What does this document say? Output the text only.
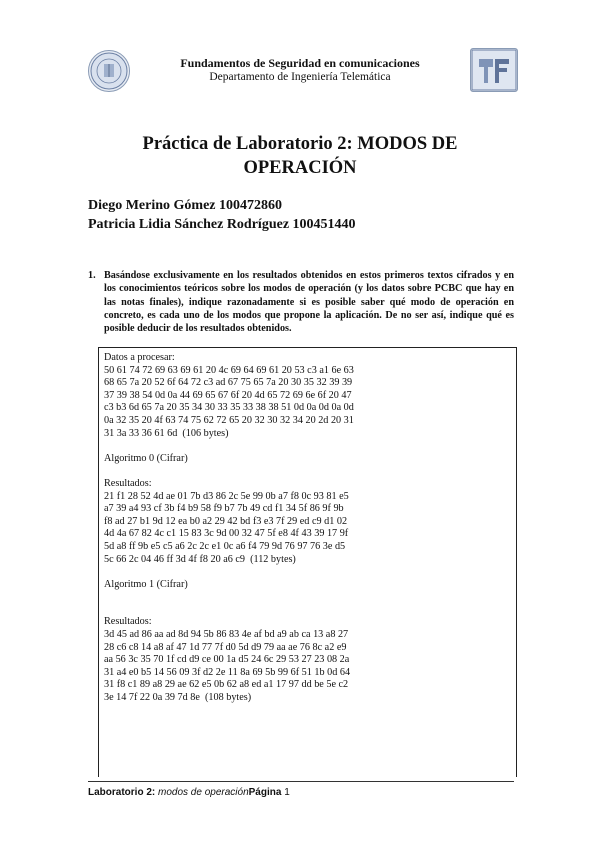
Fundamentos de Seguridad en comunicaciones
Departamento de Ingeniería Telemática
Práctica de Laboratorio 2: MODOS DE
OPERACIÓN
Diego Merino Gómez 100472860
Patricia Lidia Sánchez Rodríguez 100451440
1. Basándose exclusivamente en los resultados obtenidos en estos primeros textos cifrados y en los conocimientos teóricos sobre los modos de operación (y los datos sobre PCBC que hay en las notas finales), indique razonadamente si es posible saber qué modo de operación en concreto, es cada uno de los modos que propone la aplicación. De no ser así, indique qué es posible deducir de los resultados obtenidos.
Datos a procesar:
50 61 74 72 69 63 69 61 20 4c 69 64 69 61 20 53 c3 a1 6e 63
68 65 7a 20 52 6f 64 72 c3 ad 67 75 65 7a 20 30 35 32 39 39
37 39 38 54 0d 0a 44 69 65 67 6f 20 4d 65 72 69 6e 6f 20 47
c3 b3 6d 65 7a 20 35 34 30 33 35 33 38 38 51 0d 0a 0d 0a 0d
0a 32 35 20 4f 63 74 75 62 72 65 20 32 30 32 34 20 2d 20 31
31 3a 33 36 61 6d  (106 bytes)

Algoritmo 0 (Cifrar)

Resultados:
21 f1 28 52 4d ae 01 7b d3 86 2c 5e 99 0b a7 f8 0c 93 81 e5
a7 39 a4 93 cf 3b f4 b9 58 f9 b7 7b 49 cd f1 34 5f 86 9f 9b
f8 ad 27 b1 9d 12 ea b0 a2 29 42 bd f3 e3 7f 29 ed c9 d1 02
4d 4a 67 82 4c c1 15 83 3c 9d 00 32 47 5f e8 4f 43 39 17 9f
5d a8 ff 9b e5 c5 a6 2c 2c e1 0c a6 f4 79 9d 76 97 76 3e d5
5c 66 2c 04 46 ff 3d 4f f8 20 a6 c9  (112 bytes)

Algoritmo 1 (Cifrar)

Resultados:
3d 45 ad 86 aa ad 8d 94 5b 86 83 4e af bd a9 ab ca 13 a8 27
28 c6 c8 14 a8 af 47 1d 77 7f d0 5d d9 79 aa ae 76 8c a2 e9
aa 56 3c 35 70 1f cd d9 ce 00 1a d5 24 6c 29 53 27 23 08 2a
31 a4 e0 b5 14 56 09 3f d2 2e 11 8a 69 5b 99 6f 51 1b 0d 64
31 f8 c1 89 a8 29 ae 62 e5 0b 62 a8 ed a1 17 97 dd be 5e c2
3e 14 7f 22 0a 39 7d 8e  (108 bytes)
Laboratorio 2: modos de operaciónPágina 1
